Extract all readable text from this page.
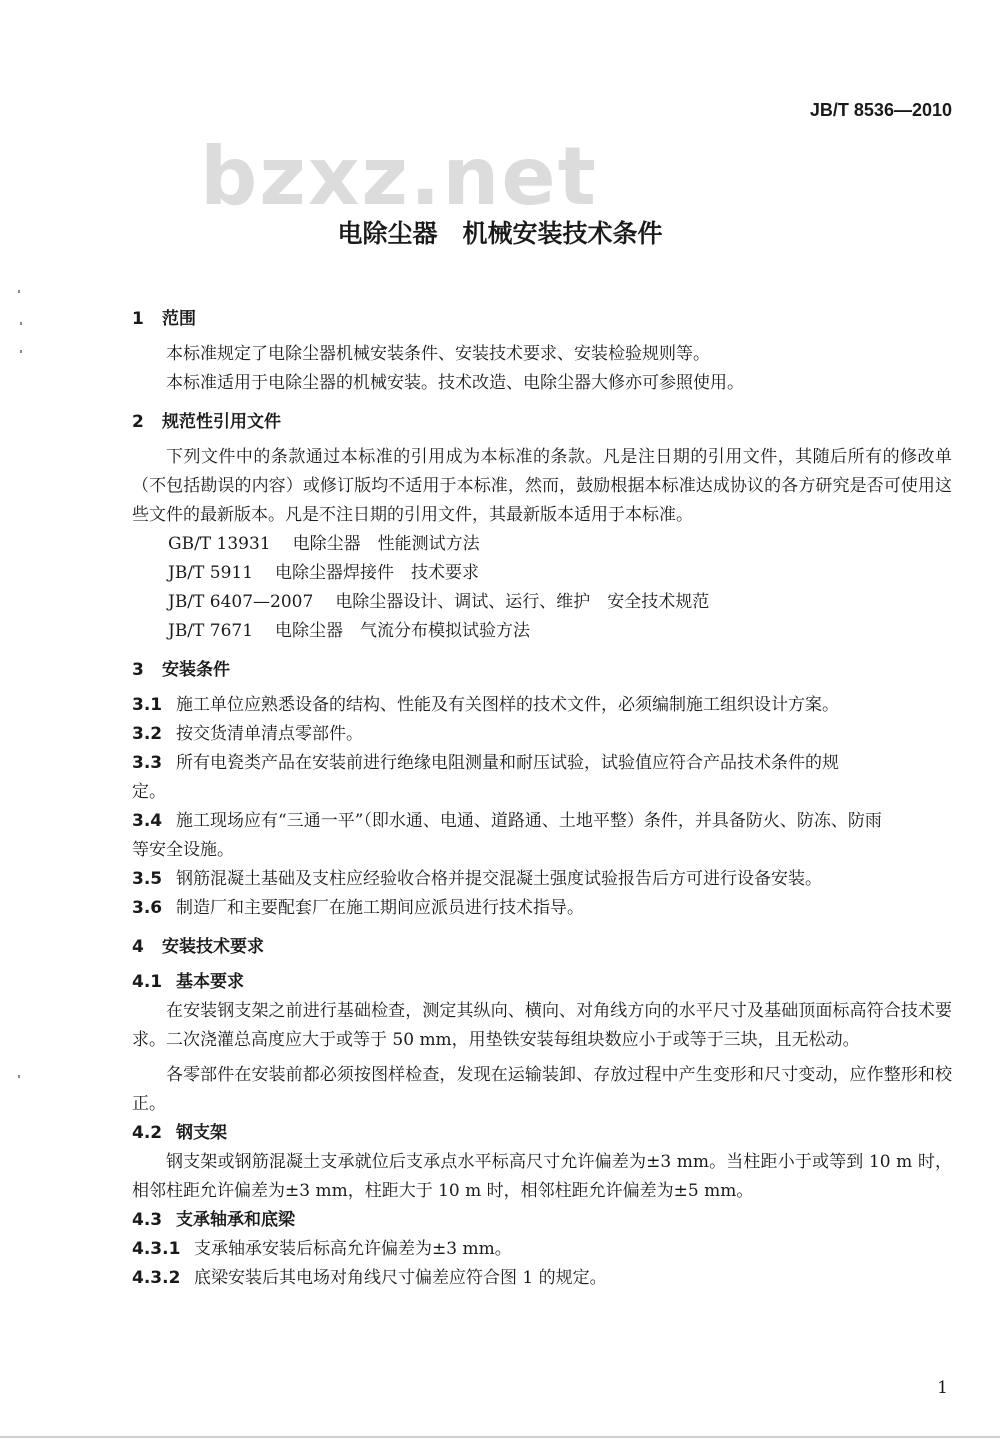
JB/T 8536—2010
bzxz.net
电除尘器　机械安装技术条件
1 范围

本标准规定了电除尘器机械安装条件、安装技术要求、安装检验规则等。

本标准适用于电除尘器的机械安装。技术改造、电除尘器大修亦可参照使用。

2 规范性引用文件

下列文件中的条款通过本标准的引用成为本标准的条款。凡是注日期的引用文件，其随后所有的修改单（不包括勘误的内容）或修订版均不适用于本标准，然而，鼓励根据本标准达成协议的各方研究是否可使用这些文件的最新版本。凡是不注日期的引用文件，其最新版本适用于本标准。

GB/T 13931 电除尘器　性能测试方法
JB/T 5911 电除尘器焊接件　技术要求
JB/T 6407—2007 电除尘器设计、调试、运行、维护　安全技术规范
JB/T 7671 电除尘器　气流分布模拟试验方法
3 安装条件

3.1 施工单位应熟悉设备的结构、性能及有关图样的技术文件，必须编制施工组织设计方案。

3.2 按交货清单清点零部件。

3.3 所有电瓷类产品在安装前进行绝缘电阻测量和耐压试验，试验值应符合产品技术条件的规

定。

3.4 施工现场应有“三通一平”（即水通、电通、道路通、土地平整）条件，并具备防火、防冻、防雨

等安全设施。

3.5 钢筋混凝土基础及支柱应经验收合格并提交混凝土强度试验报告后方可进行设备安装。

3.6 制造厂和主要配套厂在施工期间应派员进行技术指导。

4 安装技术要求
4.1 基本要求

在安装钢支架之前进行基础检查，测定其纵向、横向、对角线方向的水平尺寸及基础顶面标高符合技术要求。二次浇灌总高度应大于或等于 50 mm，用垫铁安装每组块数应小于或等于三块，且无松动。

各零部件在安装前都必须按图样检查，发现在运输装卸、存放过程中产生变形和尺寸变动，应作整形和校正。

4.2 钢支架

钢支架或钢筋混凝土支承就位后支承点水平标高尺寸允许偏差为±3 mm。当柱距小于或等到 10 m 时，相邻柱距允许偏差为±3 mm，柱距大于 10 m 时，相邻柱距允许偏差为±5 mm。

4.3 支承轴承和底梁

4.3.1 支承轴承安装后标高允许偏差为±3 mm。

4.3.2 底梁安装后其电场对角线尺寸偏差应符合图 1 的规定。

1
